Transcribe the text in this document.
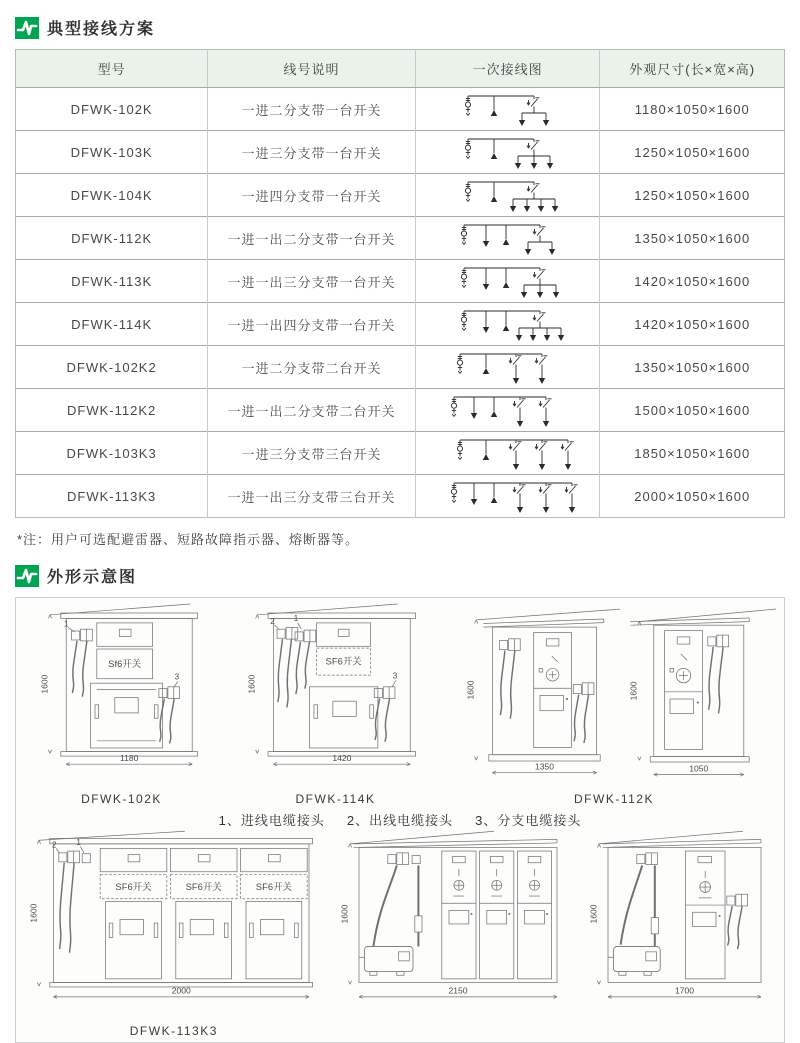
典型接线方案
型号	线号说明	一次接线图	外观尺寸(长×宽×高)
DFWK-102K	一进二分支带一台开关		1180×1050×1600
DFWK-103K	一进三分支带一台开关		1250×1050×1600
DFWK-104K	一进四分支带一台开关		1250×1050×1600
DFWK-112K	一进一出二分支带一台开关		1350×1050×1600
DFWK-113K	一进一出三分支带一台开关		1420×1050×1600
DFWK-114K	一进一出四分支带一台开关		1420×1050×1600
DFWK-102K2	一进二分支带二台开关		1350×1050×1600
DFWK-112K2	一进一出二分支带二台开关		1500×1050×1600
DFWK-103K3	一进三分支带三台开关		1850×1050×1600
DFWK-113K3	一进一出三分支带三台开关		2000×1050×1600
*注：用户可选配避雷器、短路故障指示器、熔断器等。
外形示意图
1600
Sf6开关
1
3
1180
DFWK-102K
1600
SF6开关
2 1
3
1420
DFWK-114K
1600
1350
1600
1050
DFWK-112K
1、进线电缆接头 2、出线电缆接头 3、分支电缆接头
1600
2 1
SF6开关	SF6开关	SF6开关
2000
DFWK-113K3
1600
2150
1600
1700
